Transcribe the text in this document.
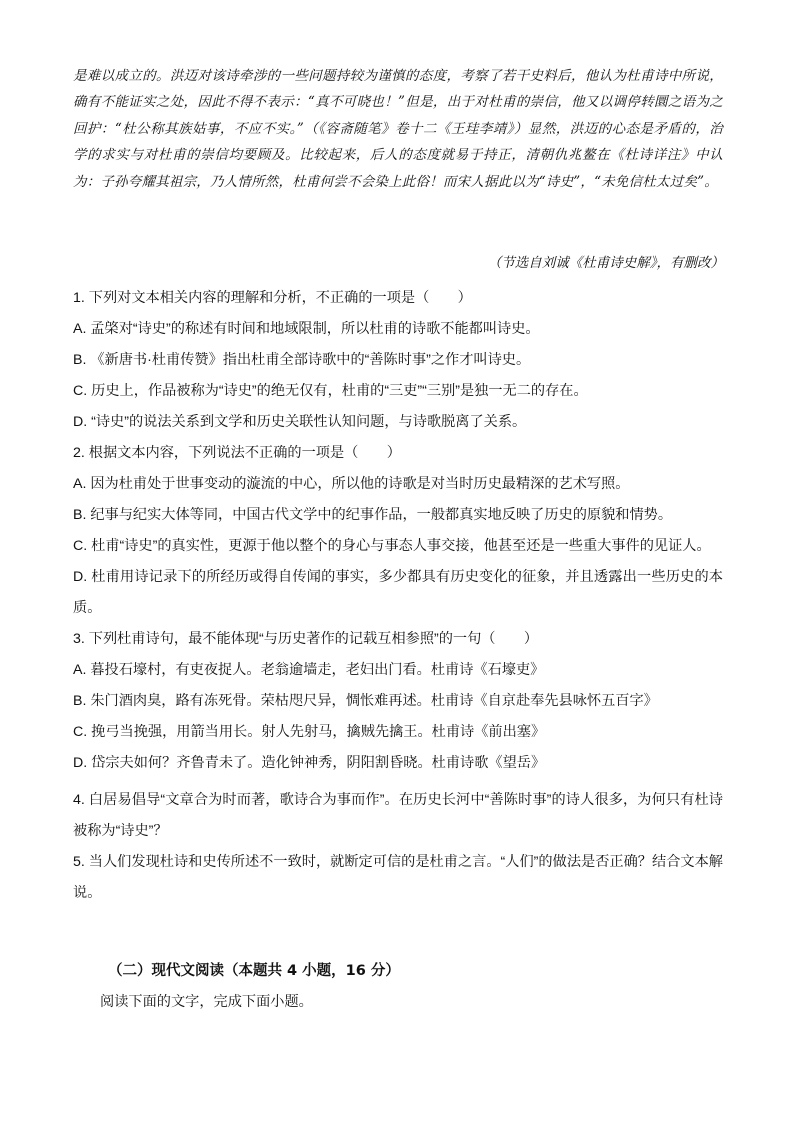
是难以成立的。洪迈对该诗牵涉的一些问题持较为谨慎的态度，考察了若干史料后，他认为杜甫诗中所说，确有不能证实之处，因此不得不表示：“真不可晓也！”但是，出于对杜甫的崇信，他又以调停转圜之语为之回护：“杜公称其族姑事，不应不实。”（《容斋随笔》卷十二《王珪李靖》）显然，洪迈的心态是矛盾的，治学的求实与对杜甫的崇信均要顾及。比较起来，后人的态度就易于持正，清朝仇兆鳌在《杜诗详注》中认为：子孙夸耀其祖宗，乃人情所然，杜甫何尝不会染上此俗！而宋人据此以为“诗史”，“未免信杜太过矣”。

（节选自刘诚《杜甫诗史解》，有删改）

1. 下列对文本相关内容的理解和分析，不正确的一项是（　　）

A. 孟棨对“诗史”的称述有时间和地域限制，所以杜甫的诗歌不能都叫诗史。

B. 《新唐书·杜甫传赞》指出杜甫全部诗歌中的“善陈时事”之作才叫诗史。

C. 历史上，作品被称为“诗史”的绝无仅有，杜甫的“三吏”“三别”是独一无二的存在。

D. “诗史”的说法关系到文学和历史关联性认知问题，与诗歌脱离了关系。

2. 根据文本内容，下列说法不正确的一项是（　　）

A. 因为杜甫处于世事变动的漩流的中心，所以他的诗歌是对当时历史最精深的艺术写照。

B. 纪事与纪实大体等同，中国古代文学中的纪事作品，一般都真实地反映了历史的原貌和情势。

C. 杜甫“诗史”的真实性，更源于他以整个的身心与事态人事交接，他甚至还是一些重大事件的见证人。

D. 杜甫用诗记录下的所经历或得自传闻的事实，多少都具有历史变化的征象，并且透露出一些历史的本质。

3. 下列杜甫诗句，最不能体现“与历史著作的记载互相参照”的一句（　　）

A. 暮投石壕村，有吏夜捉人。老翁逾墙走，老妇出门看。杜甫诗《石壕吏》

B. 朱门酒肉臭，路有冻死骨。荣枯咫尺异，惆怅难再述。杜甫诗《自京赴奉先县咏怀五百字》

C. 挽弓当挽强，用箭当用长。射人先射马，擒贼先擒王。杜甫诗《前出塞》

D. 岱宗夫如何？齐鲁青未了。造化钟神秀，阴阳割昏晓。杜甫诗歌《望岳》

4. 白居易倡导“文章合为时而著，歌诗合为事而作”。在历史长河中“善陈时事”的诗人很多，为何只有杜诗被称为“诗史”？

5. 当人们发现杜诗和史传所述不一致时，就断定可信的是杜甫之言。“人们”的做法是否正确？结合文本解说。

（二）现代文阅读（本题共 4 小题，16 分）
阅读下面的文字，完成下面小题。
